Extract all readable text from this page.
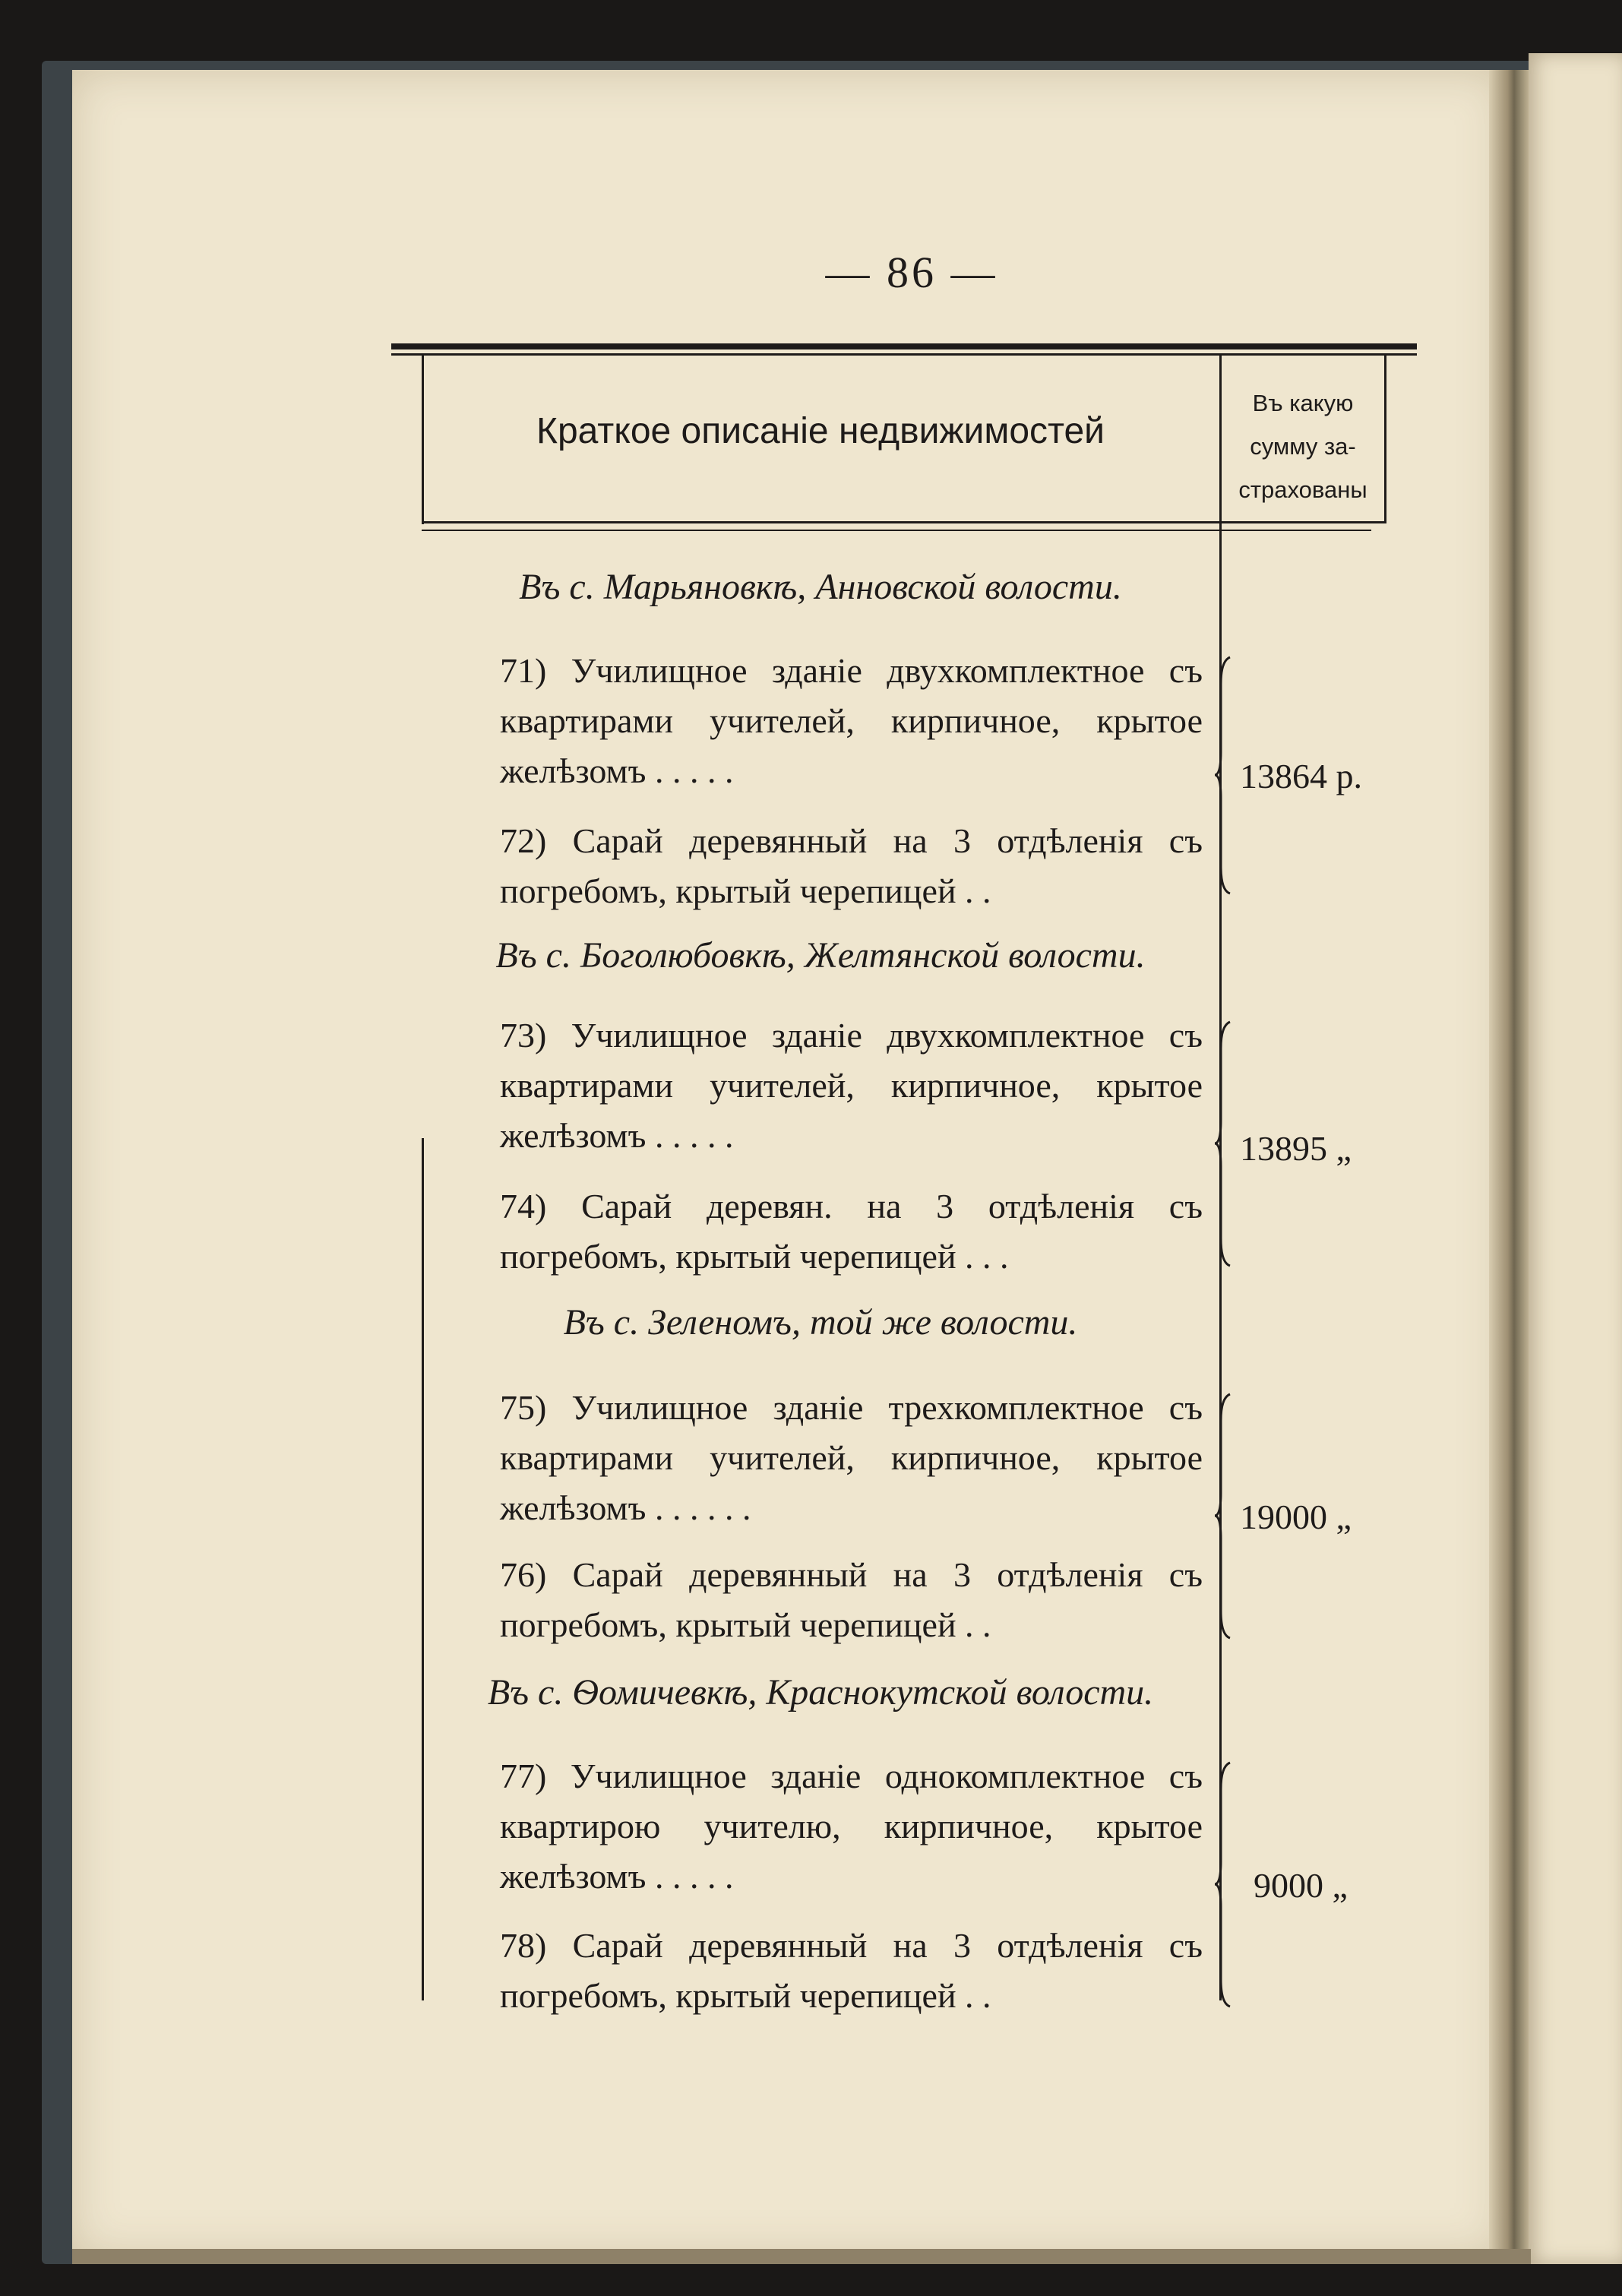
— 86 —
Краткое описаніе недвижимостей
Въ какую
сумму за-
страхованы
Въ с. Марьяновкѣ, Анновской волости.
71) Училищное зданіе двухкомплектное съ квартирами учителей, кирпичное, крытое желѣзомъ . . . . .
72) Сарай деревянный на 3 отдѣленія съ погребомъ, крытый черепицей . .
13864 р.
Въ с. Боголюбовкѣ, Желтянской волости.
73) Училищное зданіе двухкомплектное съ квартирами учителей, кирпичное, крытое желѣзомъ . . . . .
74) Сарай деревян. на 3 отдѣленія съ погребомъ, крытый черепицей . . .
13895 „
Въ с. Зеленомъ, той же волости.
75) Училищное зданіе трехкомплектное съ квартирами учителей, кирпичное, крытое желѣзомъ . . . . . .
76) Сарай деревянный на 3 отдѣленія съ погребомъ, крытый черепицей . .
19000 „
Въ с. Ѳомичевкѣ, Краснокутской волости.
77) Училищное зданіе однокомплектное съ квартирою учителю, кирпичное, крытое желѣзомъ . . . . .
78) Сарай деревянный на 3 отдѣленія съ погребомъ, крытый черепицей . .
9000 „
